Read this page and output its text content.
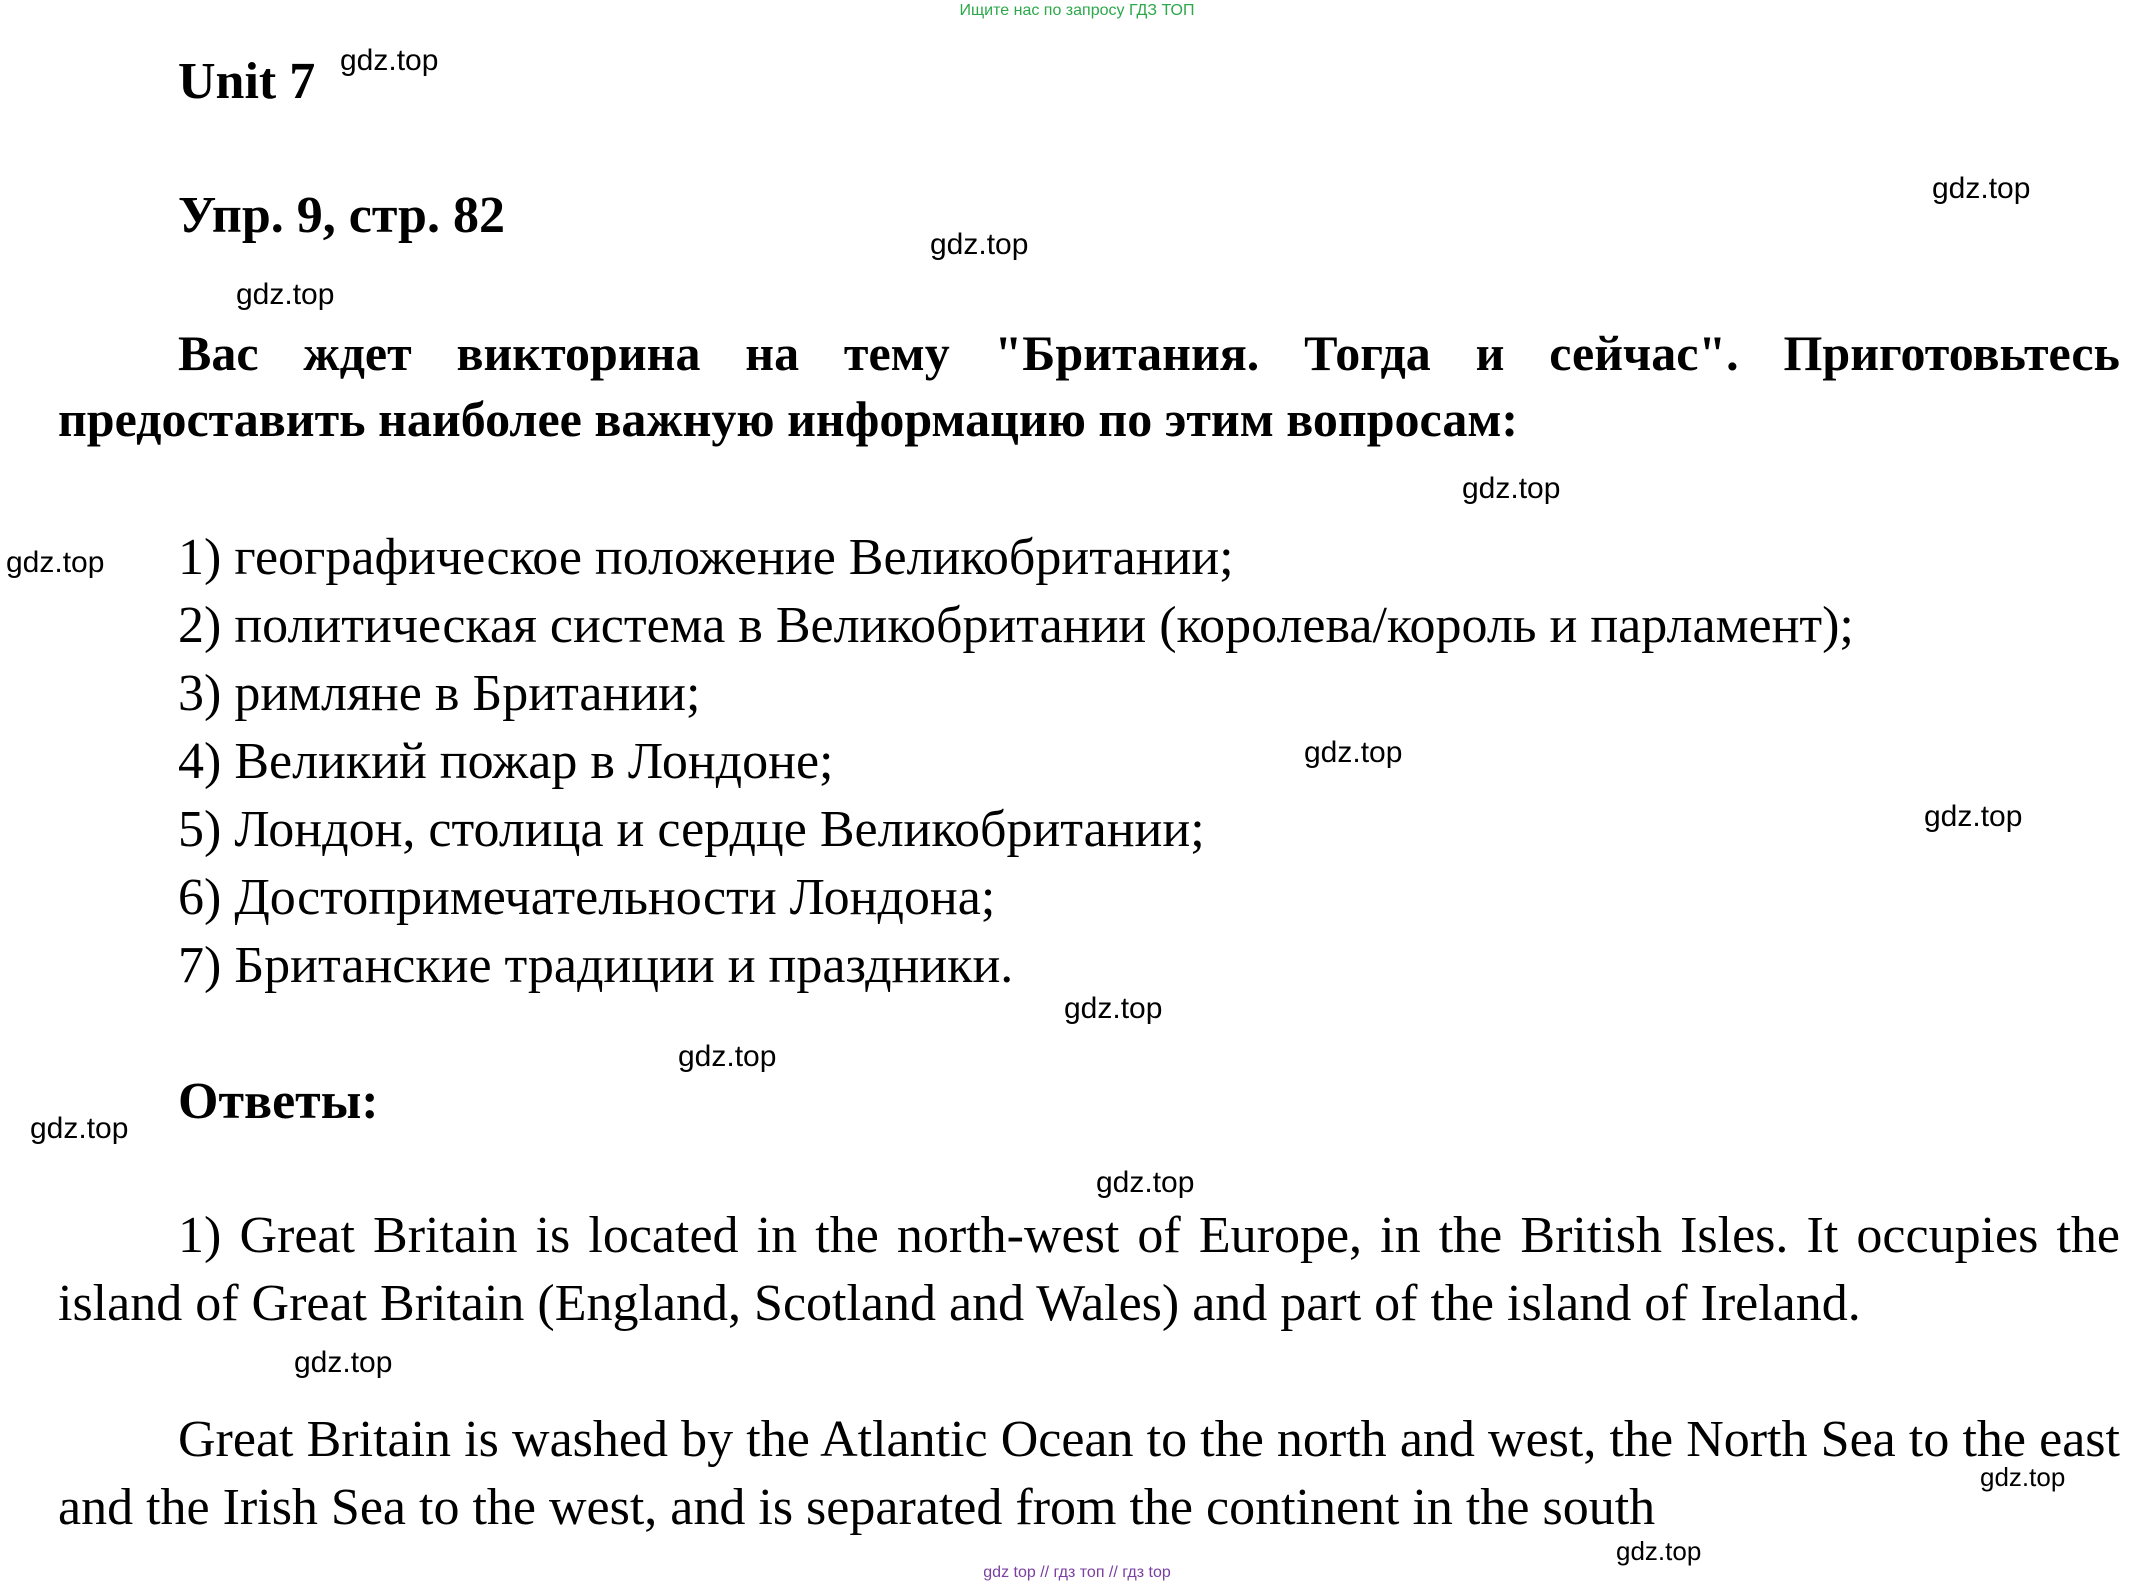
Ищите нас по запросу ГДЗ ТОП
Unit 7
Упр. 9, стр. 82
Вас ждет викторина на тему "Британия. Тогда и сейчас". Приготовьтесь предоставить наиболее важную информацию по этим вопросам:
1) географическое положение Великобритании;
2) политическая система в Великобритании (королева/король и парламент);
3) римляне в Британии;
4) Великий пожар в Лондоне;
5) Лондон, столица и сердце Великобритании;
6) Достопримечательности Лондона;
7) Британские традиции и праздники.
Ответы:

1) Great Britain is located in the north-west of Europe, in the British Isles. It occupies the island of Great Britain (England, Scotland and Wales) and part of the island of Ireland.

Great Britain is washed by the Atlantic Ocean to the north and west, the North Sea to the east and the Irish Sea to the west, and is separated from the continent in the south

gdz.top
gdz.top
gdz.top
gdz.top
gdz.top
gdz.top
gdz.top
gdz.top
gdz.top
gdz.top
gdz.top
gdz.top
gdz.top
gdz.top
gdz.top
gdz top // гдз топ // гдз top
